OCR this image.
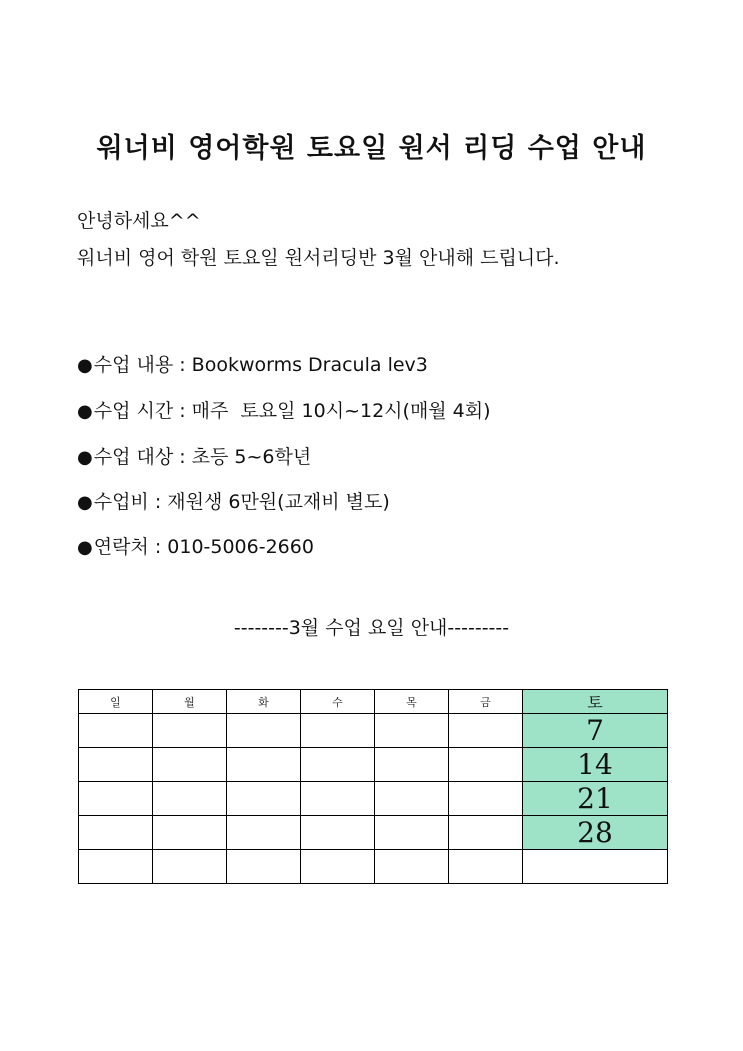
워너비 영어학원 토요일 원서 리딩 수업 안내
안녕하세요^^
워너비 영어 학원 토요일 원서리딩반 3월 안내해 드립니다.
●수업 내용 : Bookworms Dracula lev3
●수업 시간 : 매주  토요일 10시~12시(매월 4회)
●수업 대상 : 초등 5~6학년
●수업비 : 재원생 6만원(교재비 별도)
●연락처 : 010-5006-2660
--------3월 수업 요일 안내---------
일	월	화	수	목	금	토
						7
						14
						21
						28
